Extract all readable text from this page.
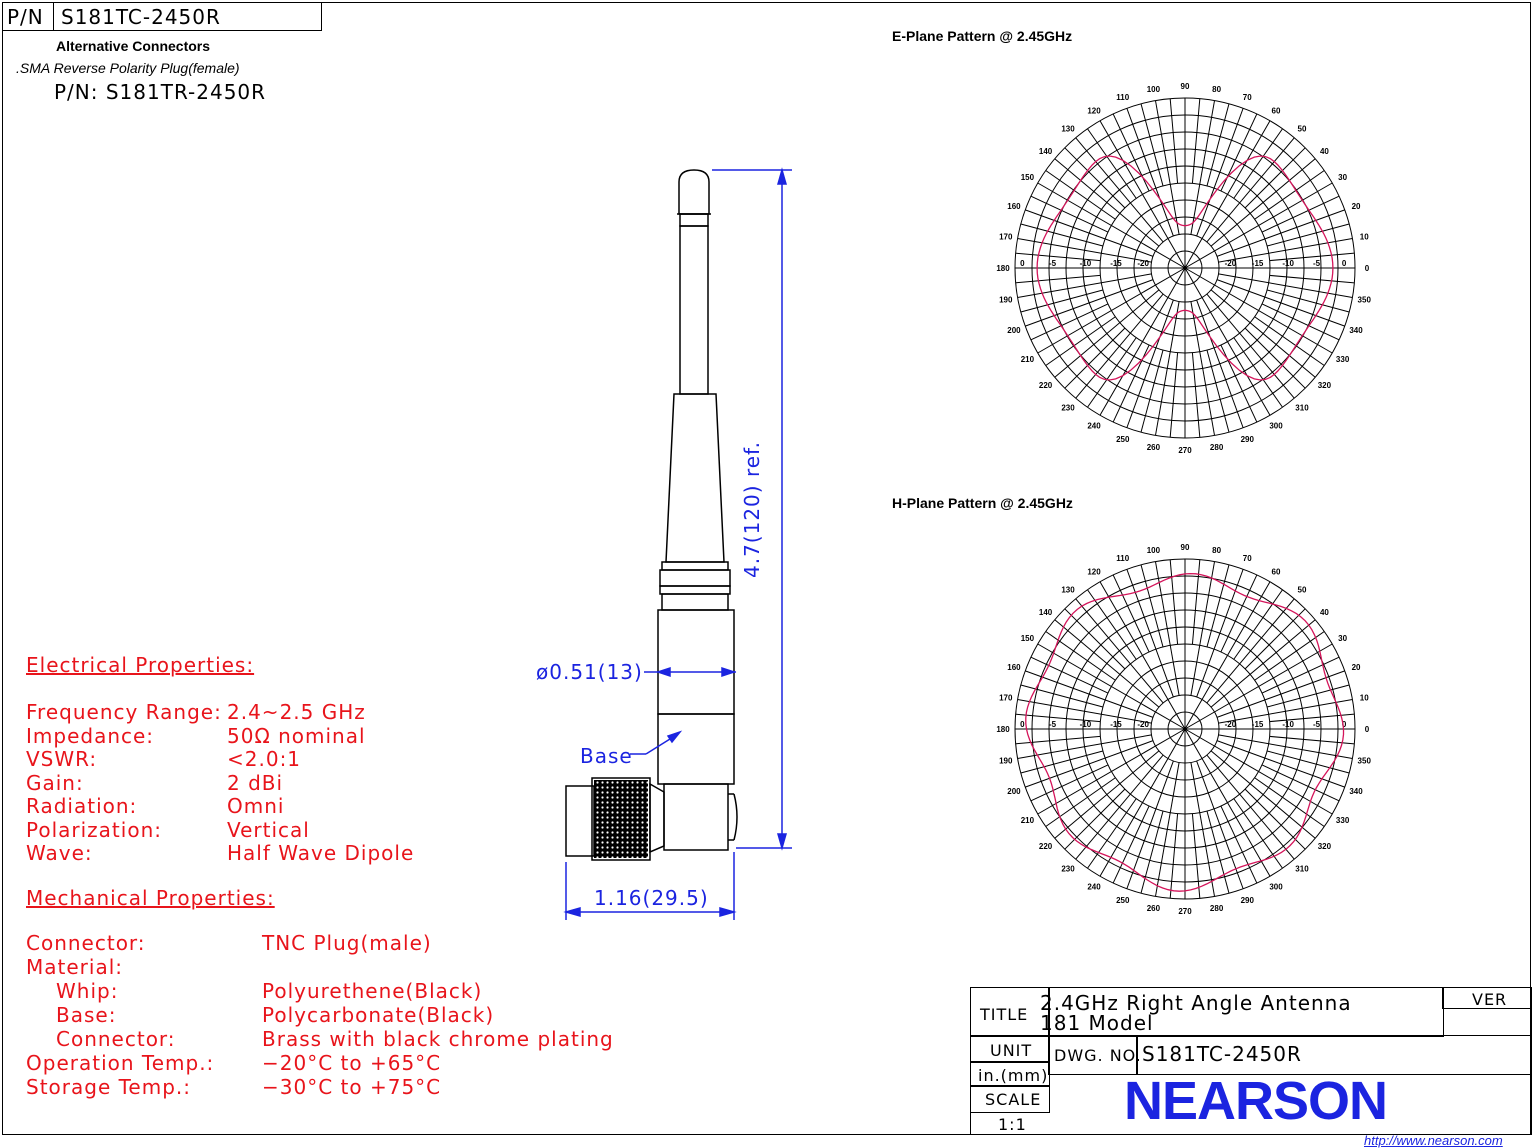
P/N S181TC-2450R
Alternative Connectors
.SMA Reverse Polarity Plug(female)
P/N: S181TR-2450R
Electrical Properties:
Frequency Range: 2.4~2.5 GHz
Impedance:	50Ω nominal
VSWR:	<2.0:1
Gain:	2 dBi
Radiation:	Omni
Polarization:	Vertical
Wave:	Half Wave Dipole
Mechanical Properties:
Connector:	TNC Plug(male)
Material:
Whip:	Polyurethene(Black)
Base:	Polycarbonate(Black)
Connector:	Brass with black chrome plating
Operation Temp.: −20°C to +65°C
Storage Temp.:	−30°C to +75°C
4.7(120) ref.
ø0.51(13)
1.16(29.5)
Base
E-Plane Pattern @ 2.45GHz
H-Plane Pattern @ 2.45GHz
0
10
20
30
40
50
60
70
80
90
100
110
120
130
140
150
160
170
180
190
200
210
220
230
240
250
260 270 280
290
300
310
320
330
340
350
-20 -15 -10 -5	0
0	-5	-10 -15 -20
0
10
20
30
40
50
60
70
80
90
100
110
120
130
140
150
160
170
180
190
200
210
220
230
240
250
260 270 280
290
300
310
320
330
340
350
-20 -15 -10 -5	0
0	-5	-10 -15 -20
TITLE 2.4GHz Right Angle Antenna
181 Model
VER
UNIT
in.(mm)
SCALE
1:1
DWG. NO. S181TC-2450R
NEARSON
http://www.nearson.com
